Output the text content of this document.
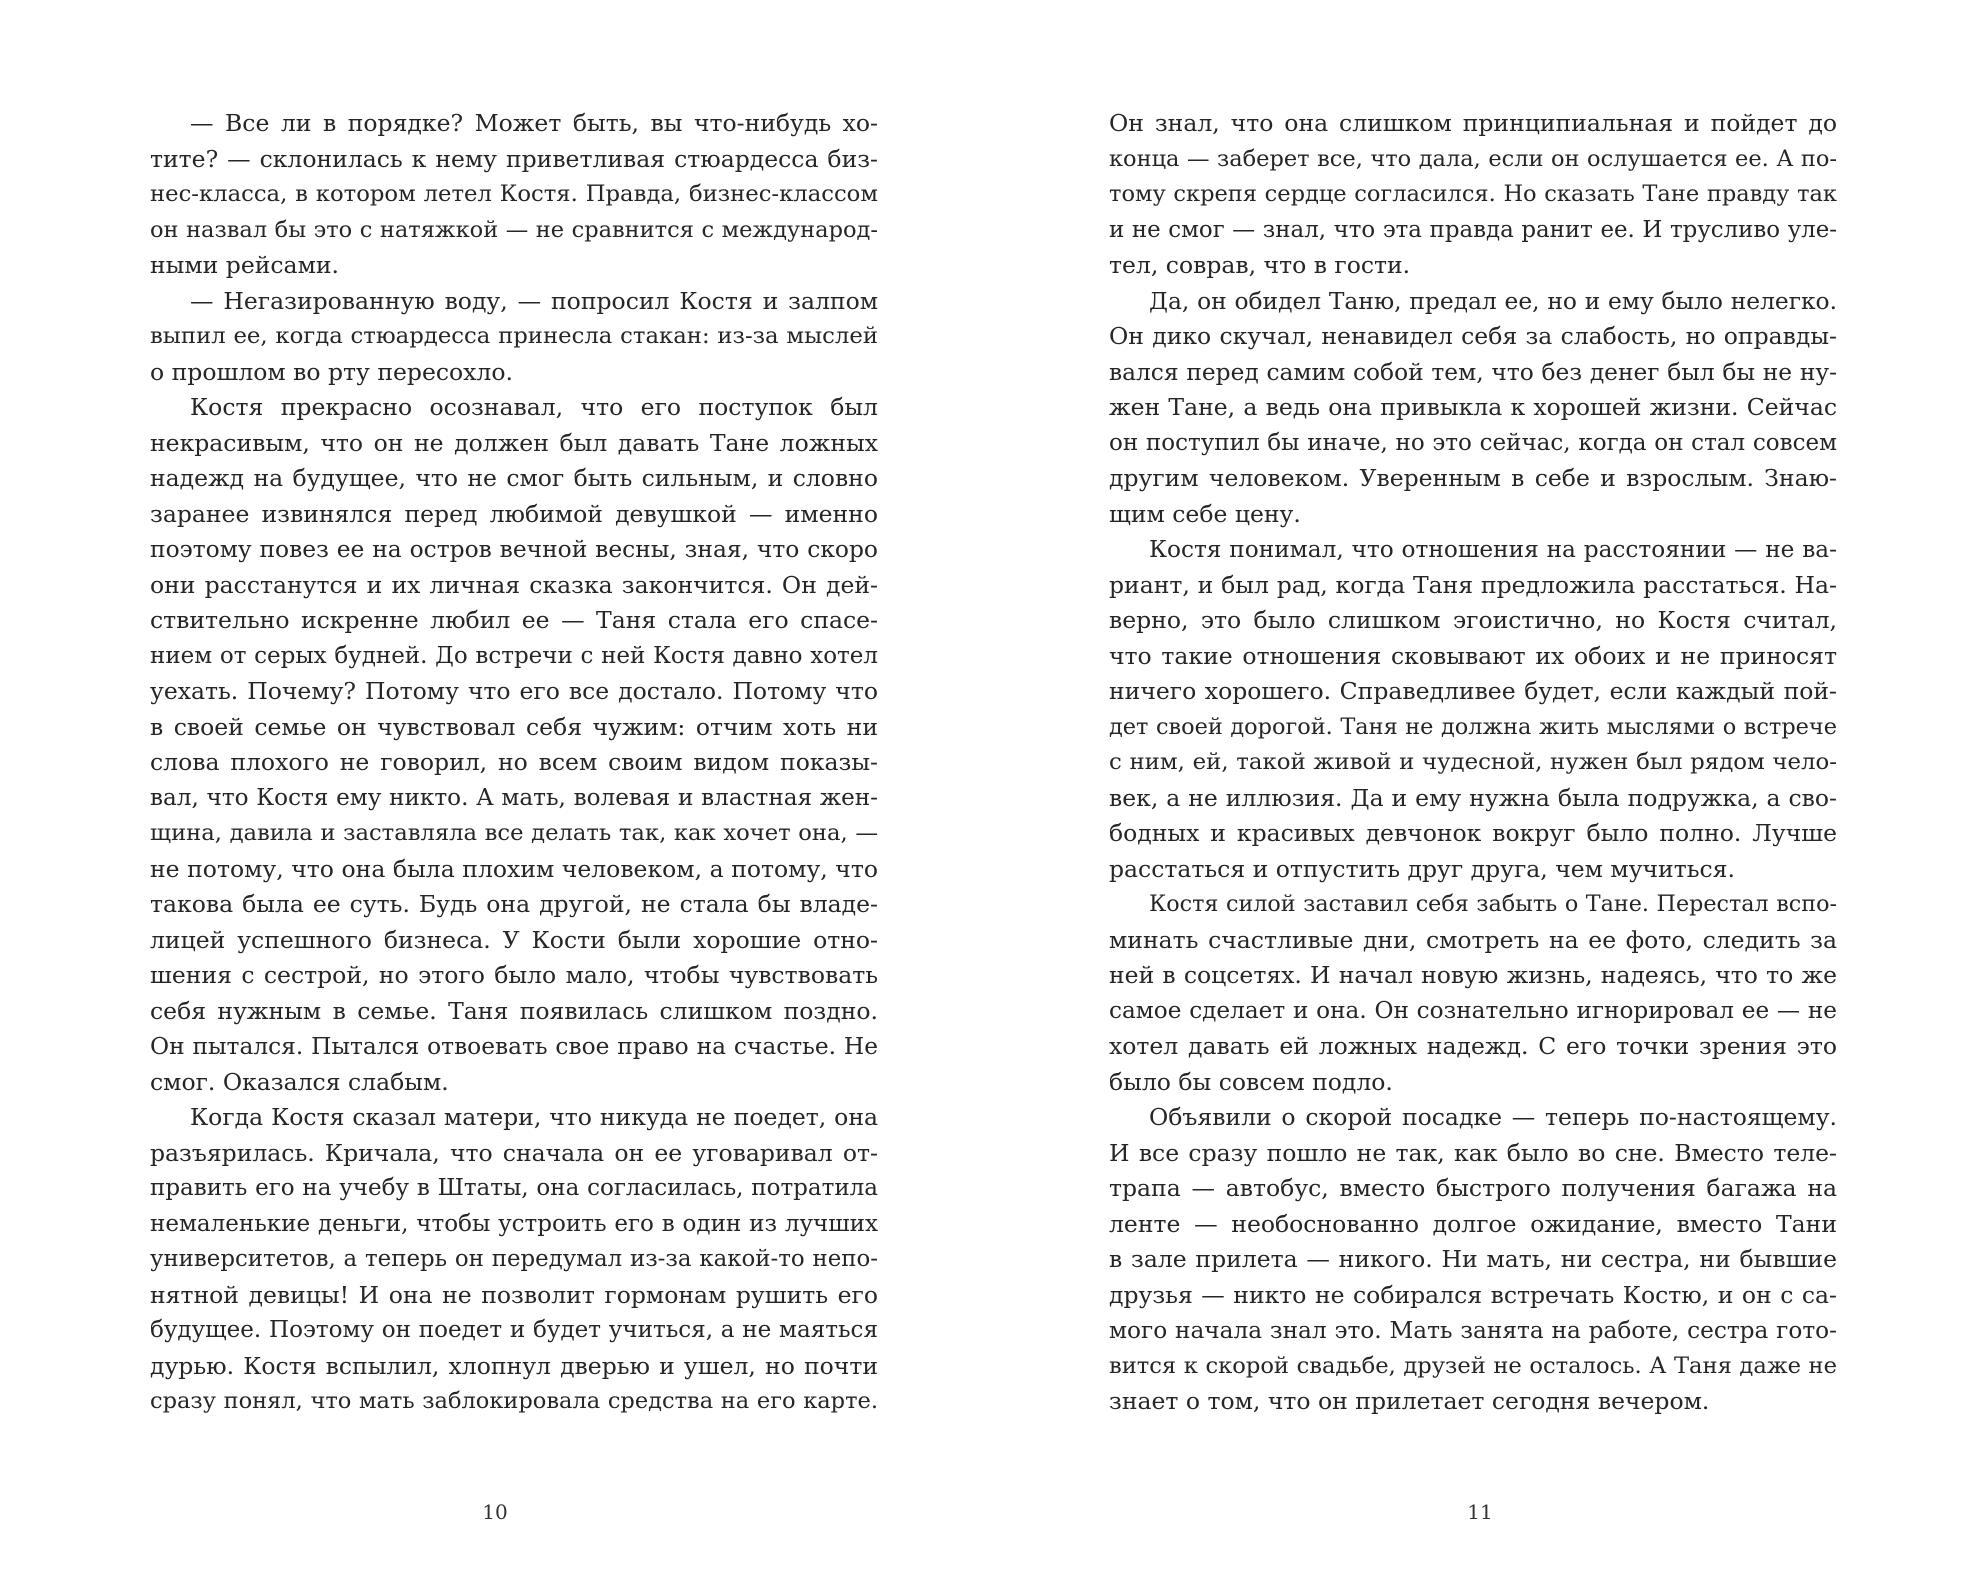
— Все ли в порядке? Может быть, вы что-нибудь хо-
тите? — склонилась к нему приветливая стюардесса биз-
нес-класса, в котором летел Костя. Правда, бизнес-классом
он назвал бы это с натяжкой — не сравнится с международ-
ными рейсами.
— Негазированную воду, — попросил Костя и залпом
выпил ее, когда стюардесса принесла стакан: из-за мыслей
о прошлом во рту пересохло.
Костя прекрасно осознавал, что его поступок был
некрасивым, что он не должен был давать Тане ложных
надежд на будущее, что не смог быть сильным, и словно
заранее извинялся перед любимой девушкой — именно
поэтому повез ее на остров вечной весны, зная, что скоро
они расстанутся и их личная сказка закончится. Он дей-
ствительно искренне любил ее — Таня стала его спасе-
нием от серых будней. До встречи с ней Костя давно хотел
уехать. Почему? Потому что его все достало. Потому что
в своей семье он чувствовал себя чужим: отчим хоть ни
слова плохого не говорил, но всем своим видом показы-
вал, что Костя ему никто. А мать, волевая и властная жен-
щина, давила и заставляла все делать так, как хочет она, —
не потому, что она была плохим человеком, а потому, что
такова была ее суть. Будь она другой, не стала бы владе-
лицей успешного бизнеса. У Кости были хорошие отно-
шения с сестрой, но этого было мало, чтобы чувствовать
себя нужным в семье. Таня появилась слишком поздно.
Он пытался. Пытался отвоевать свое право на счастье. Не
смог. Оказался слабым.
Когда Костя сказал матери, что никуда не поедет, она
разъярилась. Кричала, что сначала он ее уговаривал от-
править его на учебу в Штаты, она согласилась, потратила
немаленькие деньги, чтобы устроить его в один из лучших
университетов, а теперь он передумал из-за какой-то непо-
нятной девицы! И она не позволит гормонам рушить его
будущее. Поэтому он поедет и будет учиться, а не маяться
дурью. Костя вспылил, хлопнул дверью и ушел, но почти
сразу понял, что мать заблокировала средства на его карте.
10
Он знал, что она слишком принципиальная и пойдет до
конца — заберет все, что дала, если он ослушается ее. А по-
тому скрепя сердце согласился. Но сказать Тане правду так
и не смог — знал, что эта правда ранит ее. И трусливо уле-
тел, соврав, что в гости.
Да, он обидел Таню, предал ее, но и ему было нелегко.
Он дико скучал, ненавидел себя за слабость, но оправды-
вался перед самим собой тем, что без денег был бы не ну-
жен Тане, а ведь она привыкла к хорошей жизни. Сейчас
он поступил бы иначе, но это сейчас, когда он стал совсем
другим человеком. Уверенным в себе и взрослым. Знаю-
щим себе цену.
Костя понимал, что отношения на расстоянии — не ва-
риант, и был рад, когда Таня предложила расстаться. На-
верно, это было слишком эгоистично, но Костя считал,
что такие отношения сковывают их обоих и не приносят
ничего хорошего. Справедливее будет, если каждый пой-
дет своей дорогой. Таня не должна жить мыслями о встрече
с ним, ей, такой живой и чудесной, нужен был рядом чело-
век, а не иллюзия. Да и ему нужна была подружка, а сво-
бодных и красивых девчонок вокруг было полно. Лучше
расстаться и отпустить друг друга, чем мучиться.
Костя силой заставил себя забыть о Тане. Перестал вспо-
минать счастливые дни, смотреть на ее фото, следить за
ней в соцсетях. И начал новую жизнь, надеясь, что то же
самое сделает и она. Он сознательно игнорировал ее — не
хотел давать ей ложных надежд. С его точки зрения это
было бы совсем подло.
Объявили о скорой посадке — теперь по-настоящему.
И все сразу пошло не так, как было во сне. Вместо теле-
трапа — автобус, вместо быстрого получения багажа на
ленте — необоснованно долгое ожидание, вместо Тани
в зале прилета — никого. Ни мать, ни сестра, ни бывшие
друзья — никто не собирался встречать Костю, и он с са-
мого начала знал это. Мать занята на работе, сестра гото-
вится к скорой свадьбе, друзей не осталось. А Таня даже не
знает о том, что он прилетает сегодня вечером.
11
